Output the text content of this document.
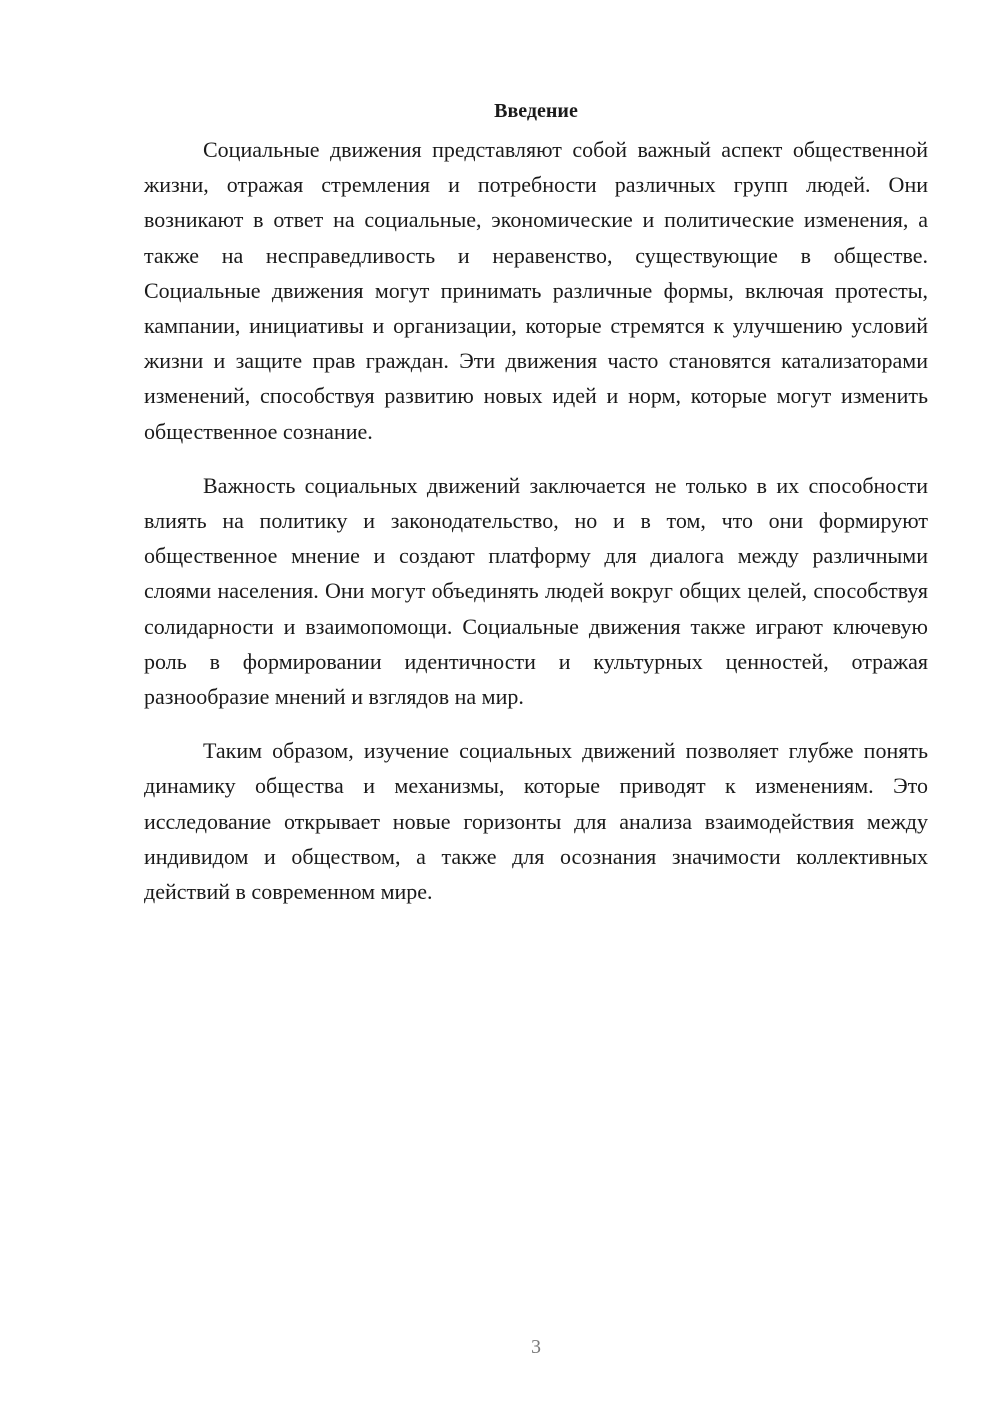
Введение

Социальные движения представляют собой важный аспект общественной жизни, отражая стремления и потребности различных групп людей. Они возникают в ответ на социальные, экономические и политические изменения, а также на несправедливость и неравенство, существующие в обществе. Социальные движения могут принимать различные формы, включая протесты, кампании, инициативы и организации, которые стремятся к улучшению условий жизни и защите прав граждан. Эти движения часто становятся катализаторами изменений, способствуя развитию новых идей и норм, которые могут изменить общественное сознание.

Важность социальных движений заключается не только в их способности влиять на политику и законодательство, но и в том, что они формируют общественное мнение и создают платформу для диалога между различными слоями населения. Они могут объединять людей вокруг общих целей, способствуя солидарности и взаимопомощи. Социальные движения также играют ключевую роль в формировании идентичности и культурных ценностей, отражая разнообразие мнений и взглядов на мир.

Таким образом, изучение социальных движений позволяет глубже понять динамику общества и механизмы, которые приводят к изменениям. Это исследование открывает новые горизонты для анализа взаимодействия между индивидом и обществом, а также для осознания значимости коллективных действий в современном мире.

3
